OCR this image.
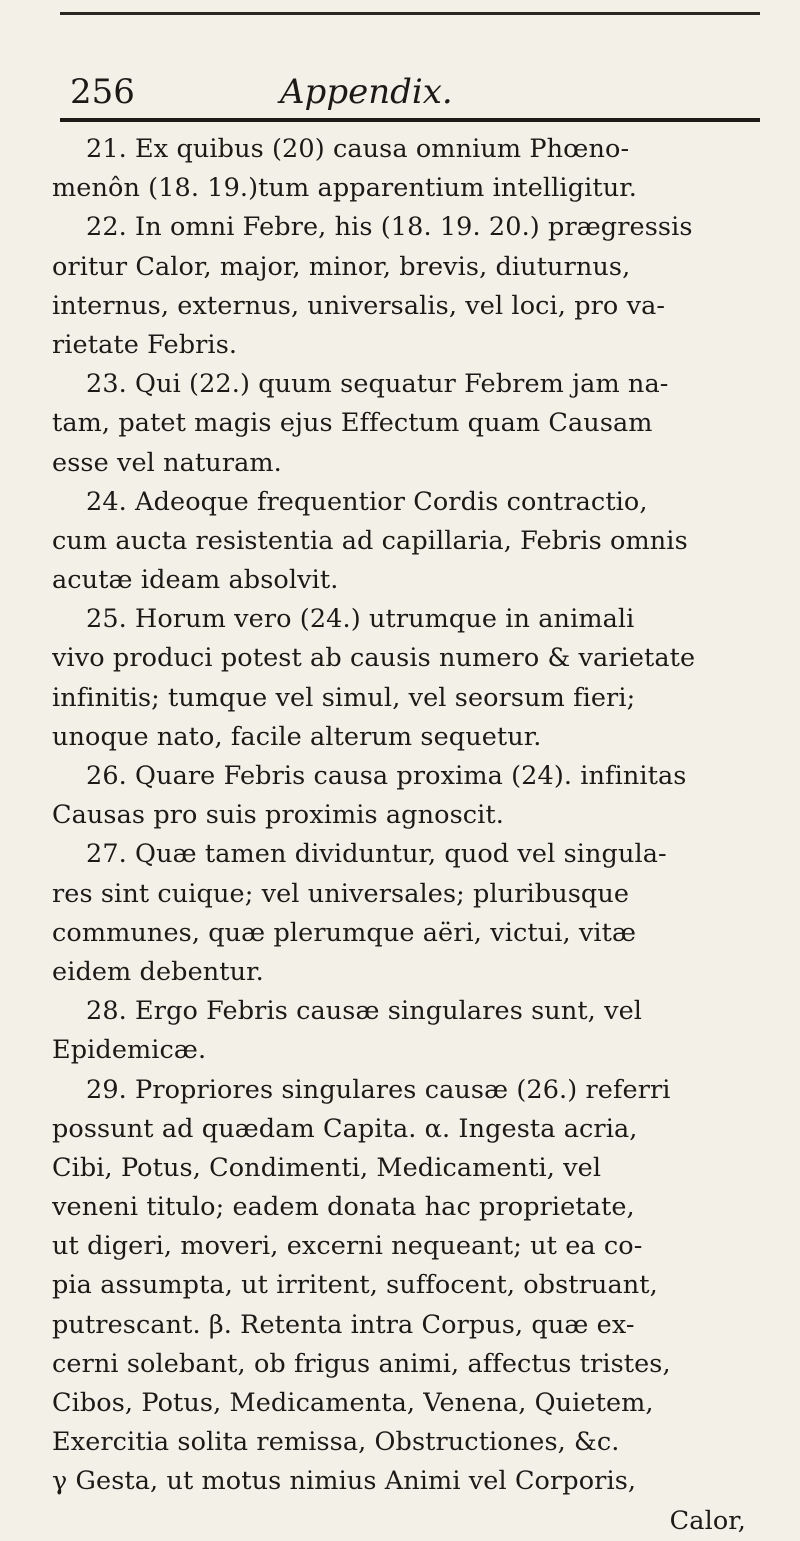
256	Appendix.
21. Ex quibus (20) causa omnium Phœno-
menôn (18. 19.)tum apparentium intelligitur.
22. In omni Febre, his (18. 19. 20.) prægressis
oritur Calor, major, minor, brevis, diuturnus,
internus, externus, universalis, vel loci, pro va-
rietate Febris.
23. Qui (22.) quum sequatur Febrem jam na-
tam, patet magis ejus Effectum quam Causam
esse vel naturam.
24. Adeoque frequentior Cordis contractio,
cum aucta resistentia ad capillaria, Febris omnis
acutæ ideam absolvit.
25. Horum vero (24.) utrumque in animali
vivo produci potest ab causis numero & varietate
infinitis; tumque vel simul, vel seorsum fieri;
unoque nato, facile alterum sequetur.
26. Quare Febris causa proxima (24). infinitas
Causas pro suis proximis agnoscit.
27. Quæ tamen dividuntur, quod vel singula-
res sint cuique; vel universales; pluribusque
communes, quæ plerumque aëri, victui, vitæ
eidem debentur.
28. Ergo Febris causæ singulares sunt, vel
Epidemicæ.
29. Propriores singulares causæ (26.) referri
possunt ad quædam Capita. α. Ingesta acria,
Cibi, Potus, Condimenti, Medicamenti, vel
veneni titulo; eadem donata hac proprietate,
ut digeri, moveri, excerni nequeant; ut ea co-
pia assumpta, ut irritent, suffocent, obstruant,
putrescant. β. Retenta intra Corpus, quæ ex-
cerni solebant, ob frigus animi, affectus tristes,
Cibos, Potus, Medicamenta, Venena, Quietem,
Exercitia solita remissa, Obstructiones, &c.
γ Gesta, ut motus nimius Animi vel Corporis,
Calor,
